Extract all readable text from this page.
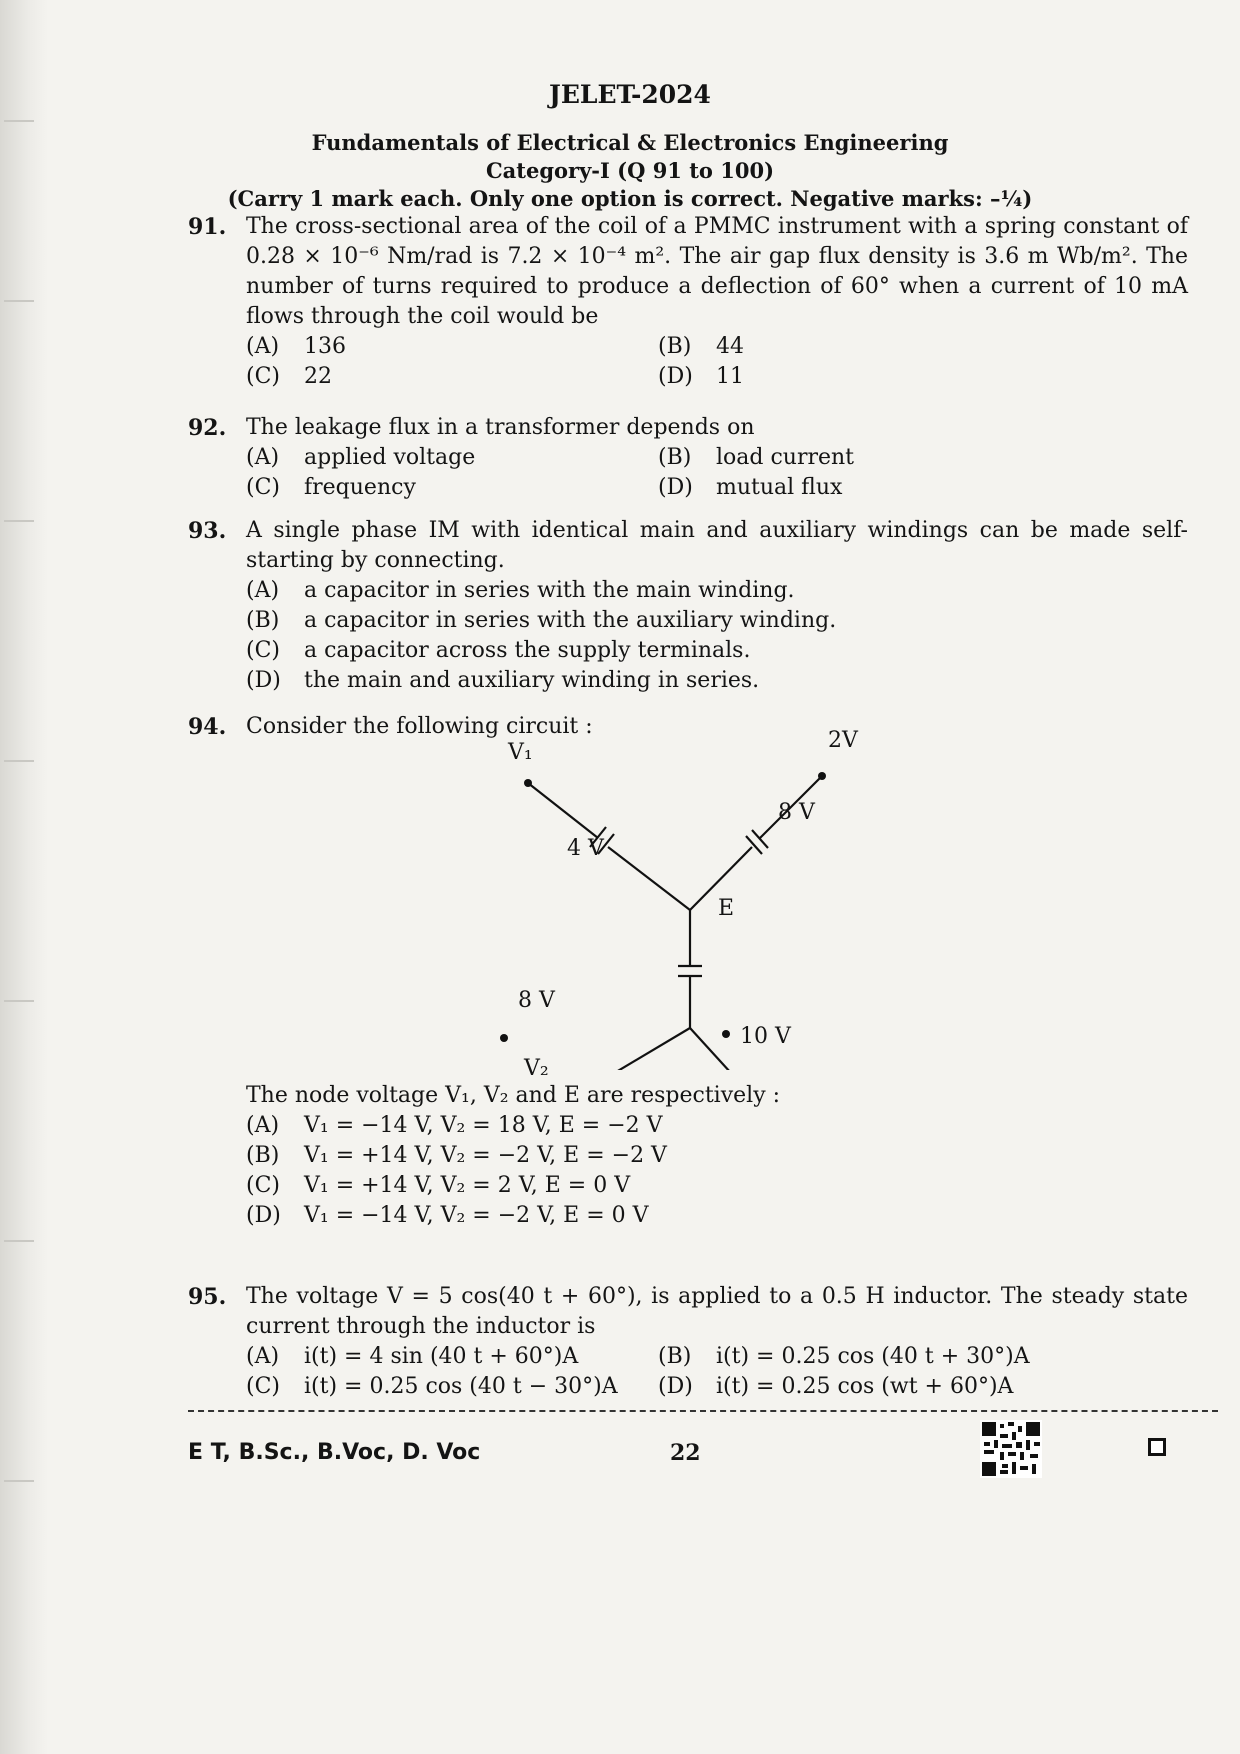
JELET-2024
Fundamentals of Electrical & Electronics Engineering
Category-I (Q 91 to 100)
(Carry 1 mark each. Only one option is correct. Negative marks: –¼)
91. The cross-sectional area of the coil of a PMMC instrument with a spring constant of 0.28 × 10⁻⁶ Nm/rad is 7.2 × 10⁻⁴ m². The air gap flux density is 3.6 m Wb/m². The number of turns required to produce a deflection of 60° when a current of 10 mA flows through the coil would be
(A)	136	(B)	44
(C)	22	(D)	11
92. The leakage flux in a transformer depends on
(A)	applied voltage	(B)	load current
(C)	frequency	(D)	mutual flux
93. A single phase IM with identical main and auxiliary windings can be made self-starting by connecting.
(A)	a capacitor in series with the main winding.
(B)	a capacitor in series with the auxiliary winding.
(C)	a capacitor across the supply terminals.
(D)	the main and auxiliary winding in series.
94. Consider the following circuit :
V₁	2V
8 V
4 V
E
8 V
The node voltage V₁, V₂ and E are respectively :
(A)	V₁ = −14 V, V₂ = 18 V, E = −2 V
(B)	V₁ = +14 V, V₂ = −2 V, E = −2 V
(C)	V₁ = +14 V, V₂ = 2 V, E = 0 V
(D)	V₁ = −14 V, V₂ = −2 V, E = 0 V
95. The voltage V = 5 cos(40 t + 60°), is applied to a 0.5 H inductor. The steady state current through the inductor is
(A)	i(t) = 4 sin (40 t + 60°)A	(B)	i(t) = 0.25 cos (40 t + 30°)A
(C)	i(t) = 0.25 cos (40 t − 30°)A (D)	i(t) = 0.25 cos (wt + 60°)A
E T, B.Sc., B.Voc, D. Voc	22
V₂
10 V
